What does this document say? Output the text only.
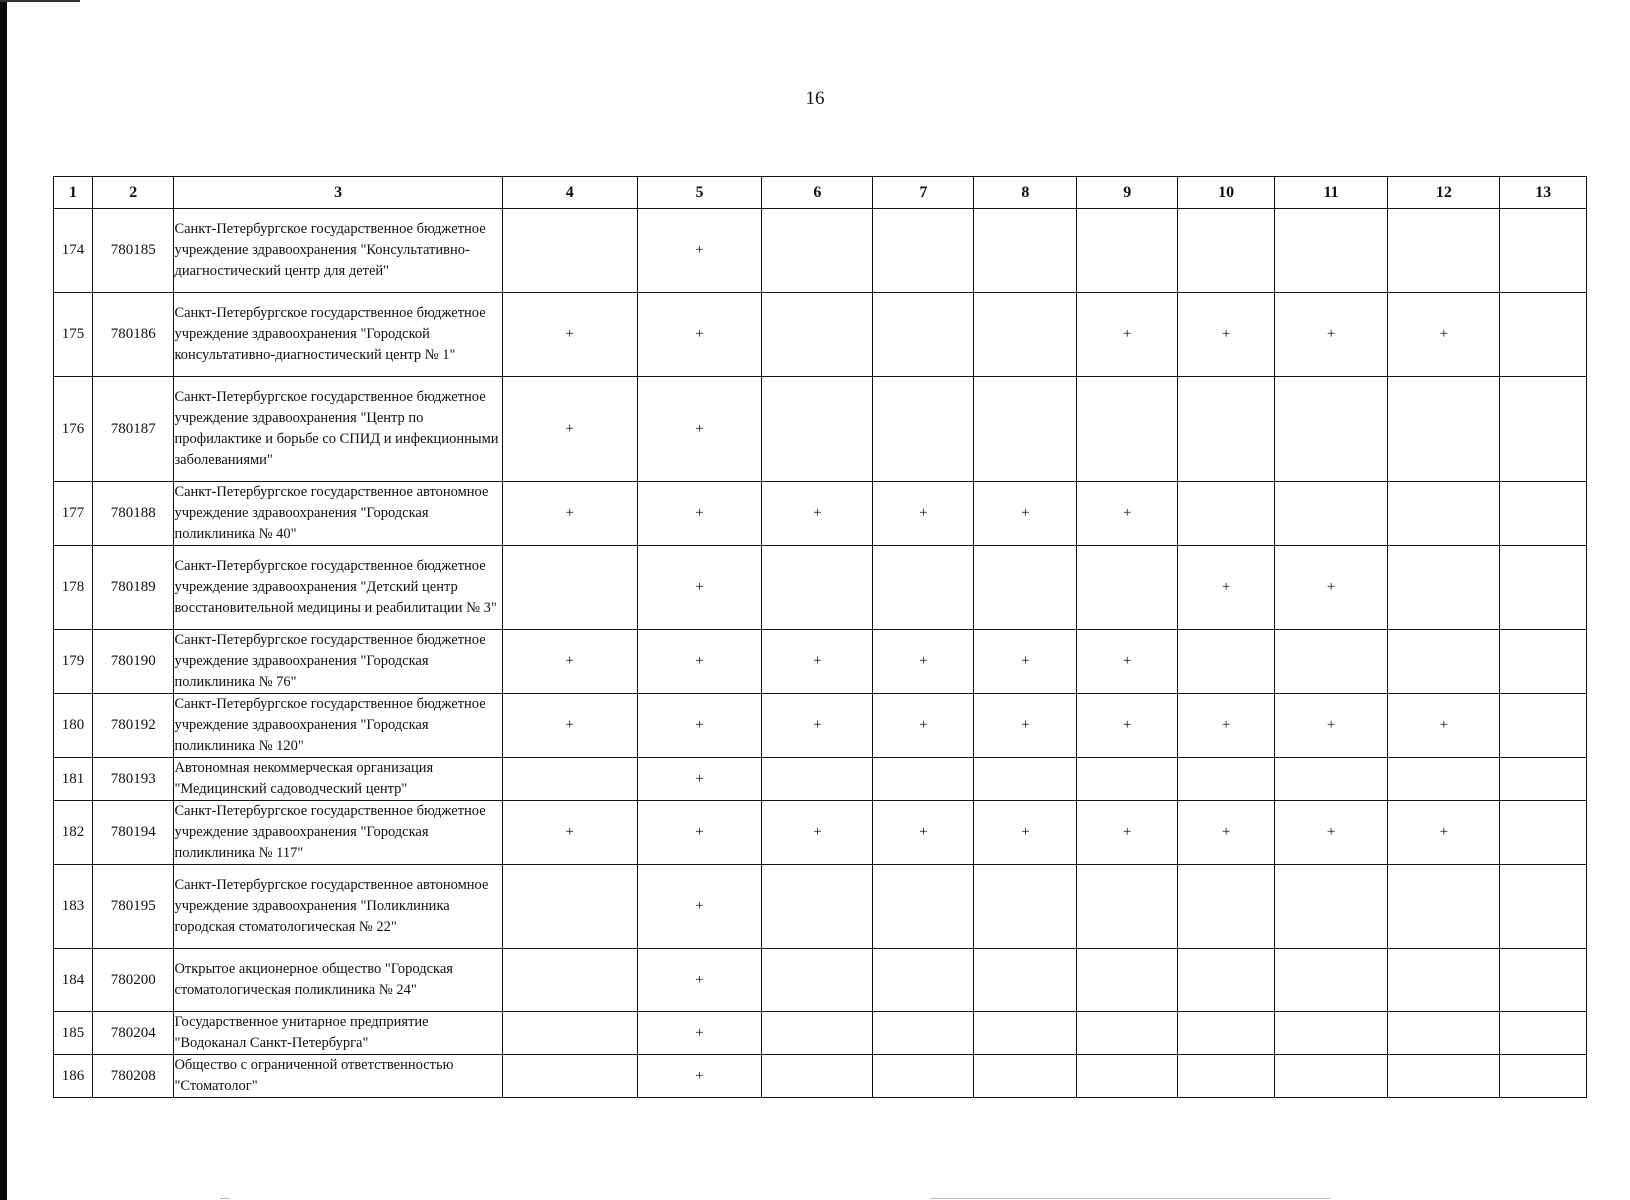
16
1	2	3	4	5	6	7	8	9	10	11	12	13
174	780185	Санкт-Петербургское государственное бюджетное учреждение здравоохранения "Консультативно-диагностический центр для детей"		+								
175	780186	Санкт-Петербургское государственное бюджетное учреждение здравоохранения "Городской консультативно-диагностический центр № 1"	+	+				+	+	+	+	
176	780187	Санкт-Петербургское государственное бюджетное учреждение здравоохранения "Центр по профилактике и борьбе со СПИД и инфекционными заболеваниями"	+	+								
177	780188	Санкт-Петербургское государственное автономное учреждение здравоохранения "Городская поликлиника № 40"	+	+	+	+	+	+				
178	780189	Санкт-Петербургское государственное бюджетное учреждение здравоохранения "Детский центр восстановительной медицины и реабилитации № 3"		+					+	+		
179	780190	Санкт-Петербургское государственное бюджетное учреждение здравоохранения "Городская поликлиника № 76"	+	+	+	+	+	+				
180	780192	Санкт-Петербургское государственное бюджетное учреждение здравоохранения "Городская поликлиника № 120"	+	+	+	+	+	+	+	+	+	
181	780193	Автономная некоммерческая организация "Медицинский садоводческий центр"		+								
182	780194	Санкт-Петербургское государственное бюджетное учреждение здравоохранения "Городская поликлиника № 117"	+	+	+	+	+	+	+	+	+	
183	780195	Санкт-Петербургское государственное автономное учреждение здравоохранения "Поликлиника городская стоматологическая № 22"		+								
184	780200	Открытое акционерное общество "Городская стоматологическая поликлиника № 24"		+								
185	780204	Государственное унитарное предприятие "Водоканал Санкт-Петербурга"		+								
186	780208	Общество с ограниченной ответственностью "Стоматолог"		+								
